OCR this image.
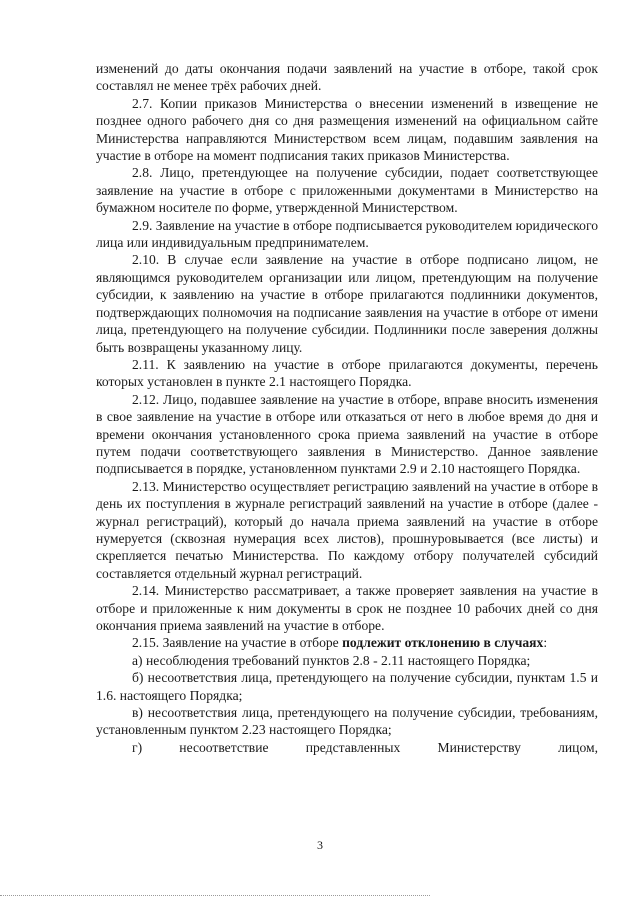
изменений до даты окончания подачи заявлений на участие в отборе, такой срок составлял не менее трёх рабочих дней.

2.7. Копии приказов Министерства о внесении изменений в извещение не позднее одного рабочего дня со дня размещения изменений на официальном сайте Министерства направляются Министерством всем лицам, подавшим заявления на участие в отборе на момент подписания таких приказов Министерства.

2.8. Лицо, претендующее на получение субсидии, подает соответствующее заявление на участие в отборе с приложенными документами в Министерство на бумажном носителе по форме, утвержденной Министерством.

2.9. Заявление на участие в отборе подписывается руководителем юридического лица или индивидуальным предпринимателем.

2.10. В случае если заявление на участие в отборе подписано лицом, не являющимся руководителем организации или лицом, претендующим на получение субсидии, к заявлению на участие в отборе прилагаются подлинники документов, подтверждающих полномочия на подписание заявления на участие в отборе от имени лица, претендующего на получение субсидии. Подлинники после заверения должны быть возвращены указанному лицу.

2.11. К заявлению на участие в отборе прилагаются документы, перечень которых установлен в пункте 2.1 настоящего Порядка.

2.12. Лицо, подавшее заявление на участие в отборе, вправе вносить изменения в свое заявление на участие в отборе или отказаться от него в любое время до дня и времени окончания установленного срока приема заявлений на участие в отборе путем подачи соответствующего заявления в Министерство. Данное заявление подписывается в порядке, установленном пунктами 2.9 и 2.10 настоящего Порядка.

2.13. Министерство осуществляет регистрацию заявлений на участие в отборе в день их поступления в журнале регистраций заявлений на участие в отборе (далее - журнал регистраций), который до начала приема заявлений на участие в отборе нумеруется (сквозная нумерация всех листов), прошнуровывается (все листы) и скрепляется печатью Министерства. По каждому отбору получателей субсидий составляется отдельный журнал регистраций.

2.14. Министерство рассматривает, а также проверяет заявления на участие в отборе и приложенные к ним документы в срок не позднее 10 рабочих дней со дня окончания приема заявлений на участие в отборе.

2.15. Заявление на участие в отборе подлежит отклонению в случаях:

а) несоблюдения требований пунктов 2.8 - 2.11 настоящего Порядка;

б) несоответствия лица, претендующего на получение субсидии, пунктам 1.5 и 1.6. настоящего Порядка;

в) несоответствия лица, претендующего на получение субсидии, требованиям, установленным пунктом 2.23 настоящего Порядка;

г) несоответствие представленных Министерству лицом,

3
